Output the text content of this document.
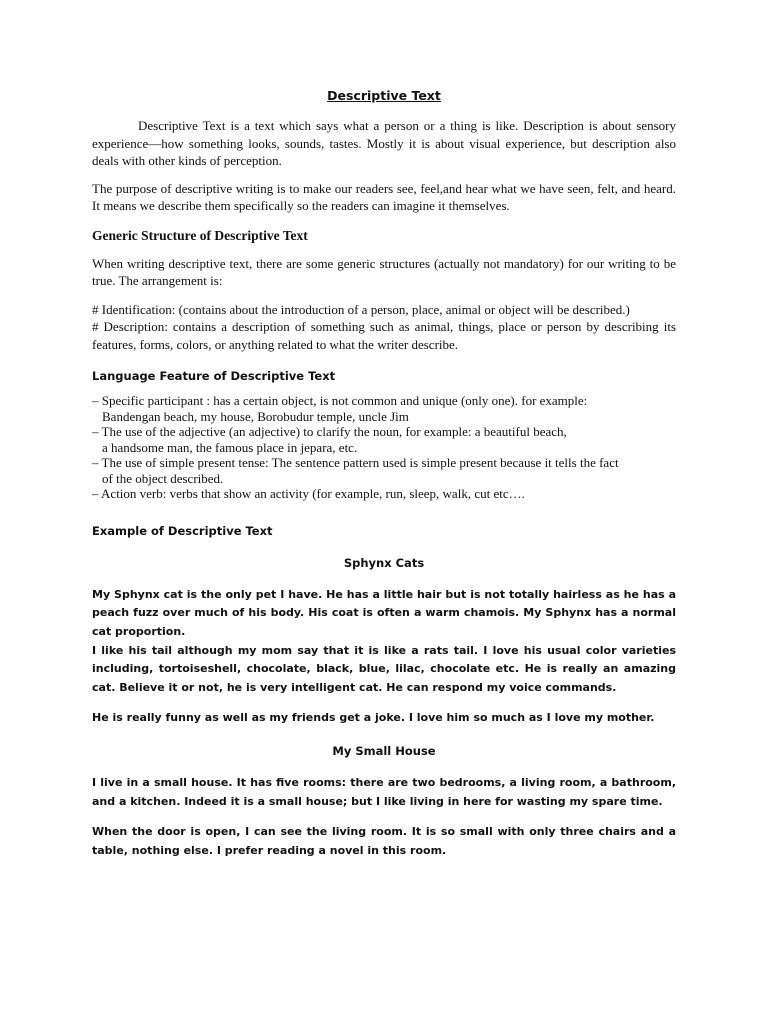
Descriptive Text

Descriptive Text is a text which says what a person or a thing is like. Description is about sensory experience—how something looks, sounds, tastes. Mostly it is about visual experience, but description also deals with other kinds of perception.

The purpose of descriptive writing is to make our readers see, feel,and hear what we have seen, felt, and heard. It means we describe them specifically so the readers can imagine it themselves.

Generic Structure of Descriptive Text

When writing descriptive text, there are some generic structures (actually not mandatory) for our writing to be true. The arrangement is:

# Identification: (contains about the introduction of a person, place, animal or object will be described.)

# Description: contains a description of something such as animal, things, place or person by describing its features, forms, colors, or anything related to what the writer describe.

Language Feature of Descriptive Text
– Specific participant : has a certain object, is not common and unique (only one). for example:
Bandengan beach, my house, Borobudur temple, uncle Jim
– The use of the adjective (an adjective) to clarify the noun, for example: a beautiful beach,
a handsome man, the famous place in jepara, etc.
– The use of simple present tense: The sentence pattern used is simple present because it tells the fact
of the object described.
– Action verb: verbs that show an activity (for example, run, sleep, walk, cut etc….
Example of Descriptive Text
Sphynx Cats

My Sphynx cat is the only pet I have. He has a little hair but is not totally hairless as he has a peach fuzz over much of his body. His coat is often a warm chamois. My Sphynx has a normal cat proportion.

I like his tail although my mom say that it is like a rats tail. I love his usual color varieties including, tortoiseshell, chocolate, black, blue, lilac, chocolate etc. He is really an amazing cat. Believe it or not, he is very intelligent cat. He can respond my voice commands.

He is really funny as well as my friends get a joke. I love him so much as I love my mother.

My Small House

I live in a small house. It has five rooms: there are two bedrooms, a living room, a bathroom, and a kitchen. Indeed it is a small house; but I like living in here for wasting my spare time.

When the door is open, I can see the living room. It is so small with only three chairs and a table, nothing else. I prefer reading a novel in this room.
